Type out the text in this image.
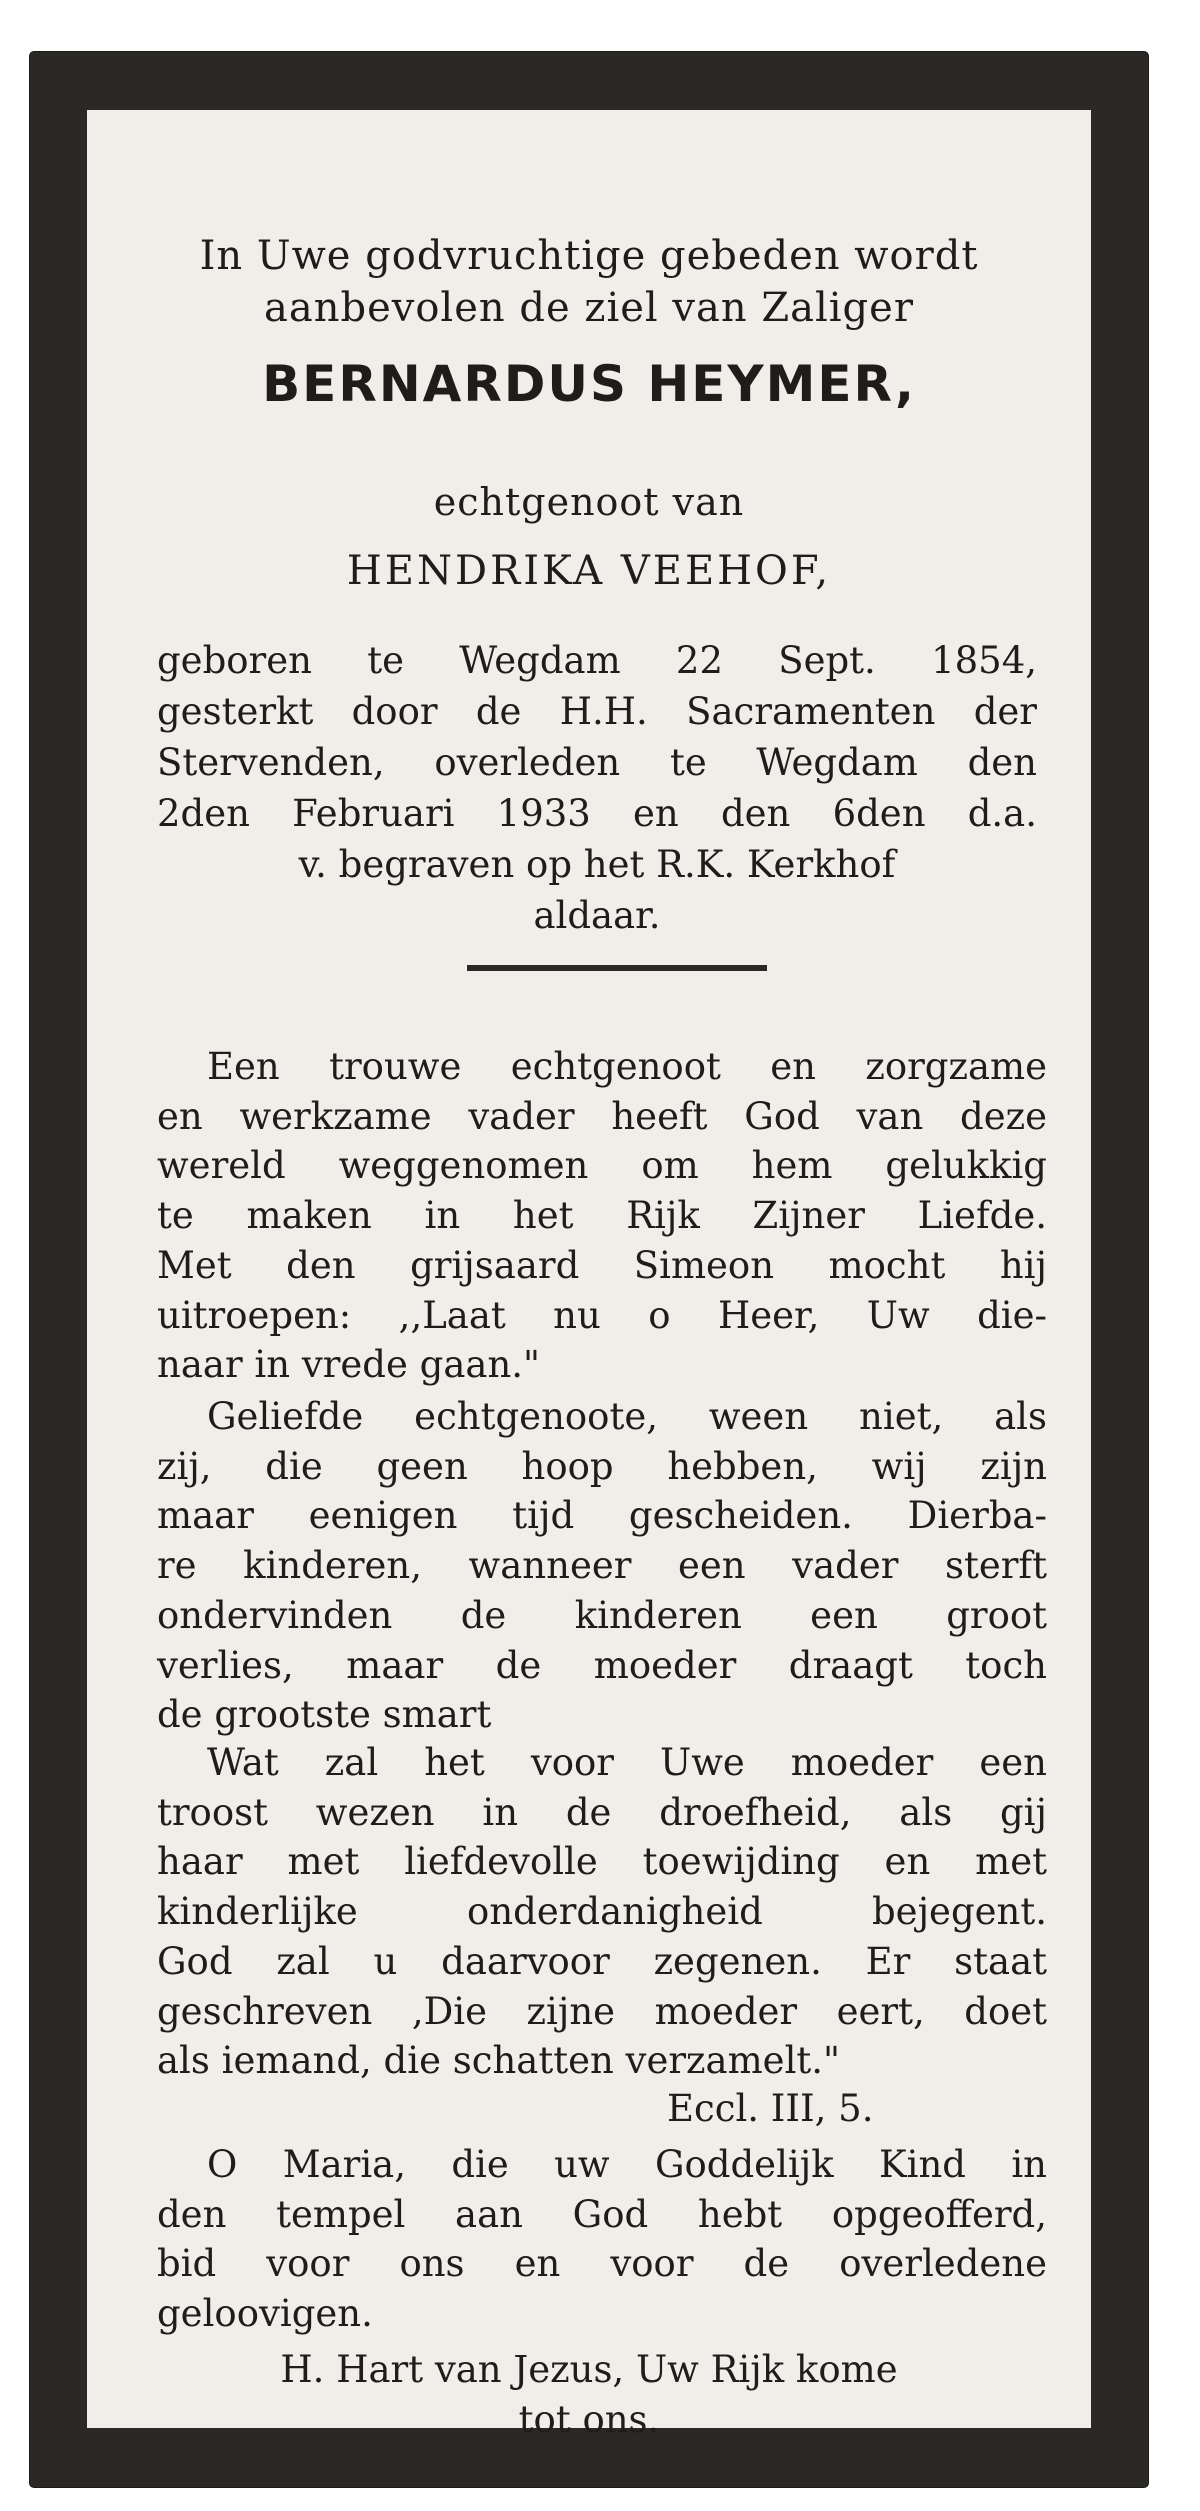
In Uwe godvruchtige gebeden wordt
aanbevolen de ziel van Zaliger
BERNARDUS HEYMER,
echtgenoot van
HENDRIKA VEEHOF,
geboren te Wegdam 22 Sept. 1854,
gesterkt door de H.H. Sacramenten der
Stervenden, overleden te Wegdam den
2den Februari 1933 en den 6den d.a.
v. begraven op het R.K. Kerkhof
aldaar.
Een trouwe echtgenoot en zorgzame
en werkzame vader heeft God van deze
wereld weggenomen om hem gelukkig
te maken in het Rijk Zijner Liefde.
Met den grijsaard Simeon mocht hij
uitroepen: ,,Laat nu o Heer, Uw die-
naar in vrede gaan."
Geliefde echtgenoote, ween niet, als
zij, die geen hoop hebben, wij zijn
maar eenigen tijd gescheiden. Dierba-
re kinderen, wanneer een vader sterft
ondervinden de kinderen een groot
verlies, maar de moeder draagt toch
de grootste smart
Wat zal het voor Uwe moeder een
troost wezen in de droefheid, als gij
haar met liefdevolle toewijding en met
kinderlijke onderdanigheid bejegent.
God zal u daarvoor zegenen. Er staat
geschreven ,Die zijne moeder eert, doet
als iemand, die schatten verzamelt."
Eccl. III, 5.
O Maria, die uw Goddelijk Kind in
den tempel aan God hebt opgeofferd,
bid voor ons en voor de overledene
geloovigen.
H. Hart van Jezus, Uw Rijk kome
tot ons.
